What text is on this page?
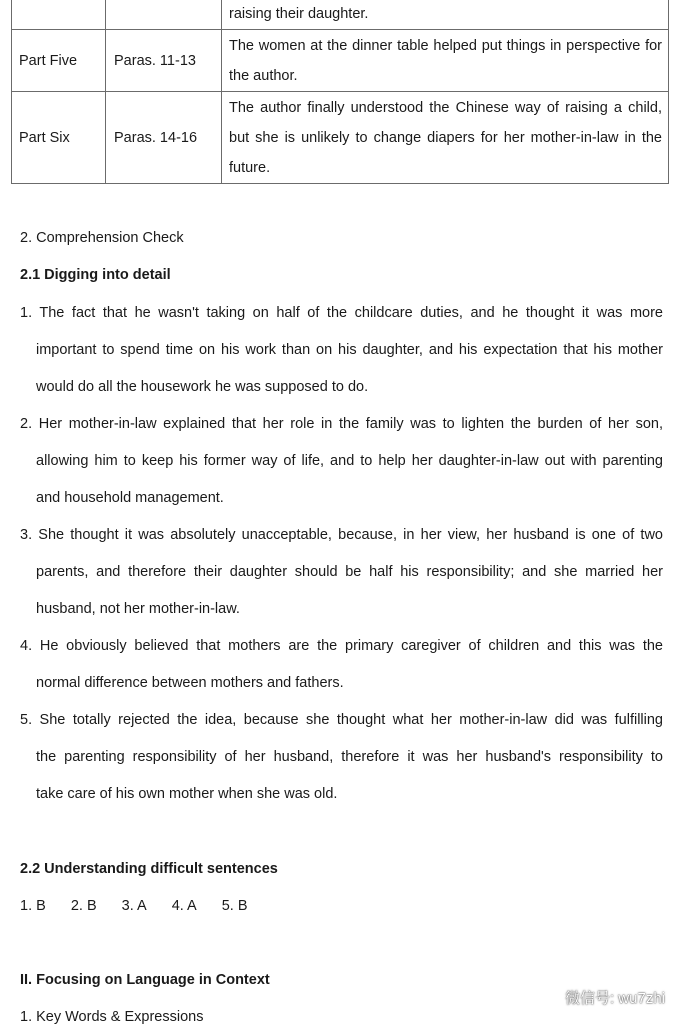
		raising their daughter.
Part Five	Paras. 11-13	The women at the dinner table helped put things in perspective for the author.
Part Six	Paras. 14-16	The author finally understood the Chinese way of raising a child, but she is unlikely to change diapers for her mother-in-law in the future.
2. Comprehension Check
2.1 Digging into detail
1. The fact that he wasn't taking on half of the childcare duties, and he thought it was more
important to spend time on his work than on his daughter, and his expectation that his mother
would do all the housework he was supposed to do.
2. Her mother-in-law explained that her role in the family was to lighten the burden of her son,
allowing him to keep his former way of life, and to help her daughter-in-law out with parenting
and household management.
3. She thought it was absolutely unacceptable, because, in her view, her husband is one of two
parents, and therefore their daughter should be half his responsibility; and she married her
husband, not her mother-in-law.
4. He obviously believed that mothers are the primary caregiver of children and this was the
normal difference between mothers and fathers.
5. She totally rejected the idea, because she thought what her mother-in-law did was fulfilling
the parenting responsibility of her husband, therefore it was her husband's responsibility to
take care of his own mother when she was old.
2.2 Understanding difficult sentences
1. B 2. B 3. A 4. A 5. B
II. Focusing on Language in Context
1. Key Words & Expressions
微信号: wu7zhi
